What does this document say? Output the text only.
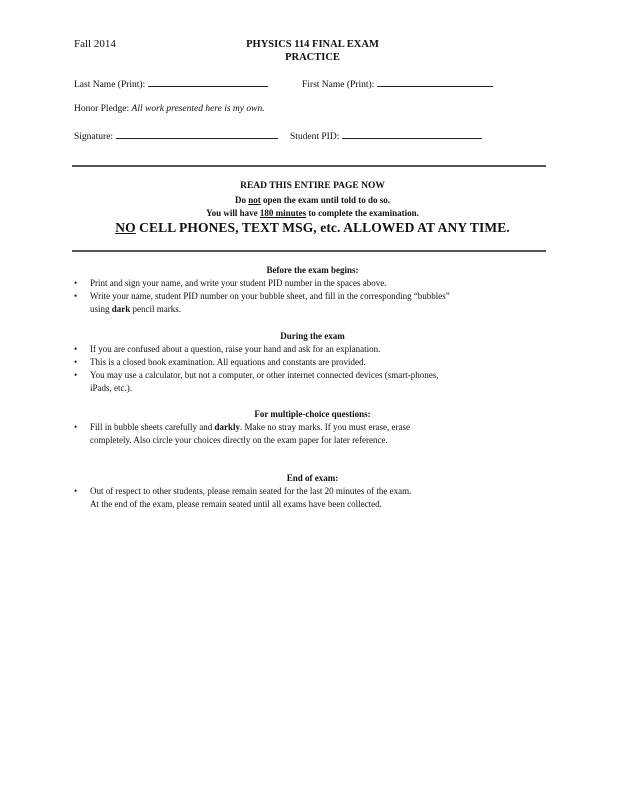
Fall 2014	PHYSICS 114 FINAL EXAM
PRACTICE
Last Name (Print):	First Name (Print):
Honor Pledge: All work presented here is my own.
Signature:	Student PID:
READ THIS ENTIRE PAGE NOW
Do not open the exam until told to do so.
You will have 180 minutes to complete the examination.
NO CELL PHONES, TEXT MSG, etc. ALLOWED AT ANY TIME.
Before the exam begins:
• Print and sign your name, and write your student PID number in the spaces above.
• Write your name, student PID number on your bubble sheet, and fill in the corresponding “bubbles”
using dark pencil marks.
During the exam
• If you are confused about a question, raise your hand and ask for an explanation.
• This is a closed book examination. All equations and constants are provided.
• You may use a calculator, but not a computer, or other internet connected devices (smart-phones,
iPads, etc.).
For multiple-choice questions:
• Fill in bubble sheets carefully and darkly. Make no stray marks. If you must erase, erase
completely. Also circle your choices directly on the exam paper for later reference.
End of exam:
• Out of respect to other students, please remain seated for the last 20 minutes of the exam.
At the end of the exam, please remain seated until all exams have been collected.
